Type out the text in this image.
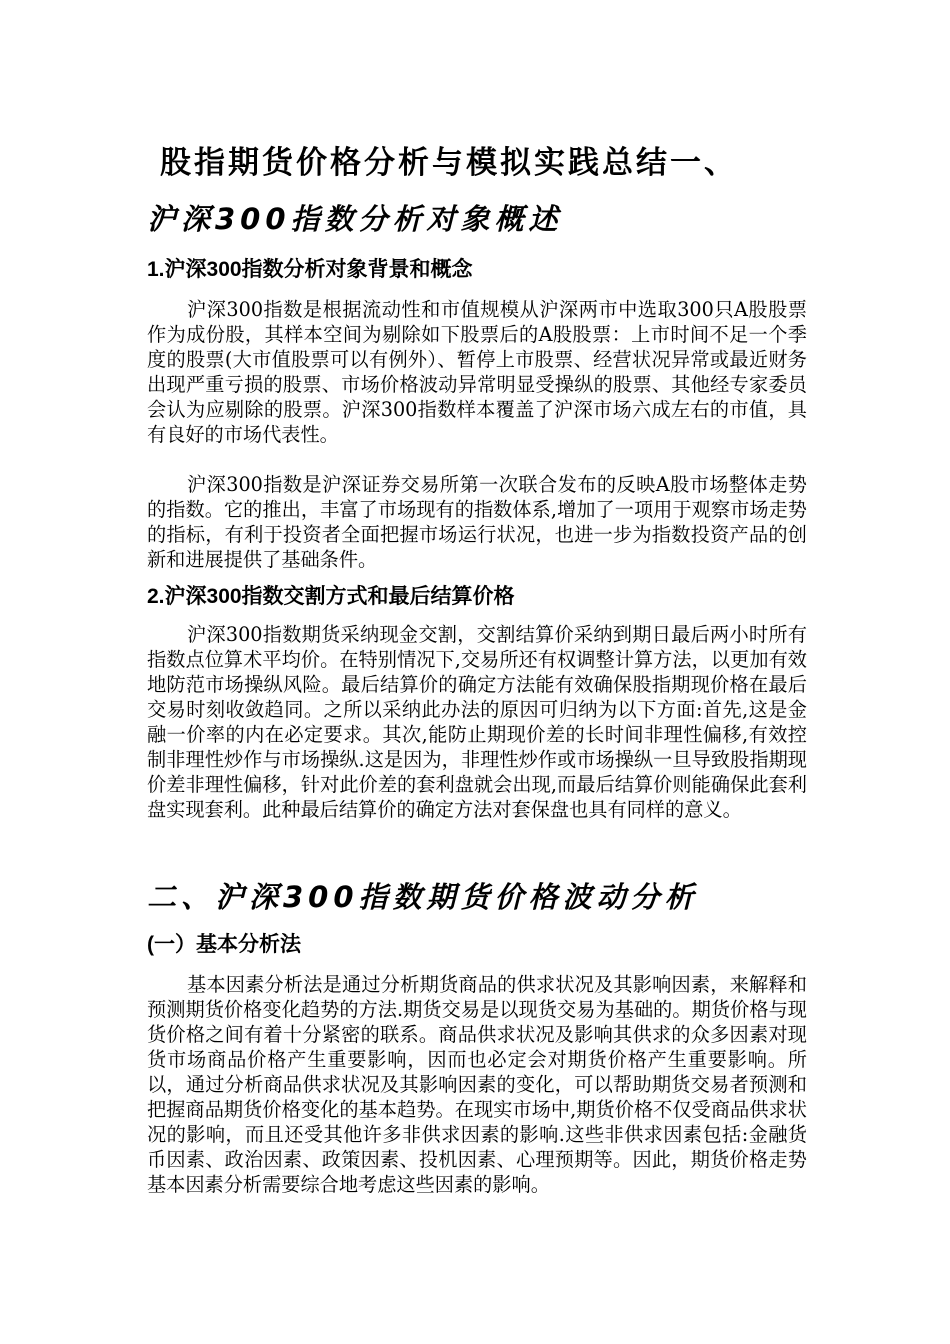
股指期货价格分析与模拟实践总结一、
沪深300指数分析对象概述
1.沪深300指数分析对象背景和概念

沪深300指数是根据流动性和市值规模从沪深两市中选取300只A股股票作为成份股，其样本空间为剔除如下股票后的A股股票：上市时间不足一个季度的股票(大市值股票可以有例外）、暂停上市股票、经营状况异常或最近财务出现严重亏损的股票、市场价格波动异常明显受操纵的股票、其他经专家委员会认为应剔除的股票。沪深300指数样本覆盖了沪深市场六成左右的市值，具有良好的市场代表性。

沪深300指数是沪深证券交易所第一次联合发布的反映A股市场整体走势的指数。它的推出，丰富了市场现有的指数体系,增加了一项用于观察市场走势的指标，有利于投资者全面把握市场运行状况，也进一步为指数投资产品的创新和进展提供了基础条件。

2.沪深300指数交割方式和最后结算价格

沪深300指数期货采纳现金交割，交割结算价采纳到期日最后两小时所有指数点位算术平均价。在特别情况下,交易所还有权调整计算方法，以更加有效地防范市场操纵风险。最后结算价的确定方法能有效确保股指期现价格在最后交易时刻收敛趋同。之所以采纳此办法的原因可归纳为以下方面:首先,这是金融一价率的内在必定要求。其次,能防止期现价差的长时间非理性偏移,有效控制非理性炒作与市场操纵.这是因为，非理性炒作或市场操纵一旦导致股指期现价差非理性偏移，针对此价差的套利盘就会出现,而最后结算价则能确保此套利盘实现套利。此种最后结算价的确定方法对套保盘也具有同样的意义。

二、沪深300指数期货价格波动分析
(一）基本分析法

基本因素分析法是通过分析期货商品的供求状况及其影响因素，来解释和预测期货价格变化趋势的方法.期货交易是以现货交易为基础的。期货价格与现货价格之间有着十分紧密的联系。商品供求状况及影响其供求的众多因素对现货市场商品价格产生重要影响，因而也必定会对期货价格产生重要影响。所以，通过分析商品供求状况及其影响因素的变化，可以帮助期货交易者预测和把握商品期货价格变化的基本趋势。在现实市场中,期货价格不仅受商品供求状况的影响，而且还受其他许多非供求因素的影响.这些非供求因素包括:金融货币因素、政治因素、政策因素、投机因素、心理预期等。因此，期货价格走势基本因素分析需要综合地考虑这些因素的影响。
